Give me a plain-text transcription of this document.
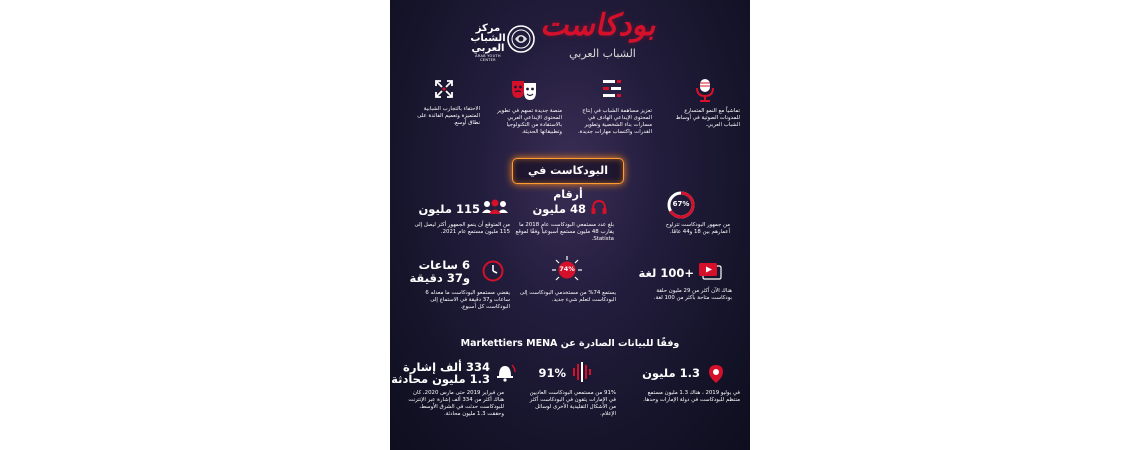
بودكاست
الشباب العربي
مركز
الشباب
العربي
ARAB YOUTH CENTER
تماشياً مع النمو المتسارع للمدونات الصوتية في أوساط الشباب العربي.
تعزيز مساهمة الشباب في إنتاج المحتوى الإبداعي الهادف في مسارات بناء الشخصية وتطوير القدرات واكتساب مهارات جديدة.
منصة جديدة تسهم في تطوير المحتوى الإبداعي العربي بالاستفادة من التكنولوجيا وتطبيقاتها الحديثة.
الاحتفاء بالتجارب الشبابية المتميزة وتعميم الفائدة على نطاق أوسع.
البودكاست في أرقام
67%
من جمهور البودكاست تتراوح أعمارهم بين 18 و44 عامًا.
48 مليون
بلغ عدد مستمعي البودكاست عام 2018 ما يقارب 48 مليون مستمع أسبوعياً وفقًا لموقع Statista.
115 مليون
من المتوقع أن ينمو الجمهور أكثر ليصل إلى 115 مليون مستمع عام 2021.
+100 لغة
هناك الآن أكثر من 29 مليون حلقة بودكاست متاحة بأكثر من 100 لغة.
74%
يستمع 74% من مستخدمي البودكاست إلى البودكاست لتعلم شيء جديد.
6 ساعات
و37 دقيقة
يقضي مستمعو البودكاست ما معدله 6 ساعات و37 دقيقة في الاستماع إلى البودكاست كل أسبوع.
وفقًا للبيانات الصادرة عن Markettiers MENA
1.3 مليون
في يوليو 2019 ، هناك 1.3 مليون مستمع منتظم للبودكاست في دولة الإمارات وحدها.
91%
91% من مستمعي البودكاست العاديين في الإمارات يثقون في البودكاست أكثر من الأشكال التقليدية الأخرى لوسائل الإعلام.
334 ألف إشارة
1.3 مليون محادثة
من فبراير 2019 حتى مارس 2020، كان هناك أكثر من 334 ألف إشارة عبر الإنترنت للبودكاست حدثت في الشرق الأوسط، وحققت 1.3 مليون محادثة.
